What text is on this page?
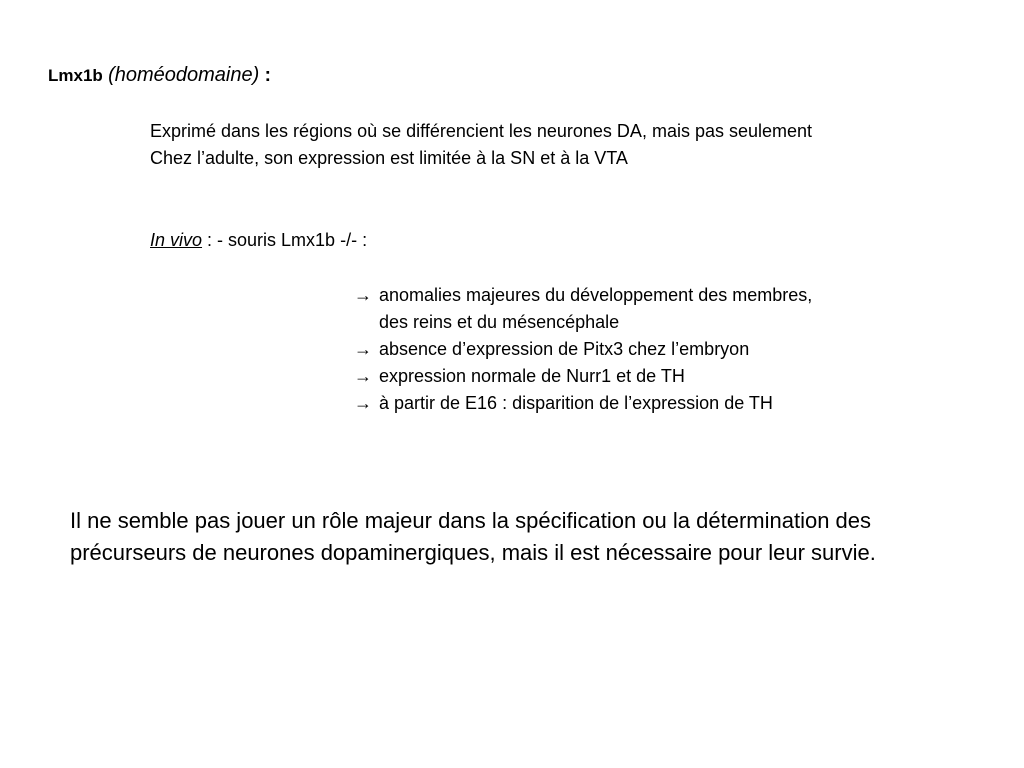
Lmx1b (homéodomaine) :

Exprimé dans les régions où se différencient les neurones DA, mais pas seulement

Chez l’adulte, son expression est limitée à la SN et à la VTA

In vivo : - souris Lmx1b -/- :
→ anomalies majeures du développement des membres,
des reins et du mésencéphale
→ absence d’expression de Pitx3 chez l’embryon
→ expression normale de Nurr1 et de TH
→ à partir de E16 : disparition de l’expression de TH
Il ne semble pas jouer un rôle majeur dans la spécification ou la détermination des précurseurs de neurones dopaminergiques, mais il est nécessaire pour leur survie.
